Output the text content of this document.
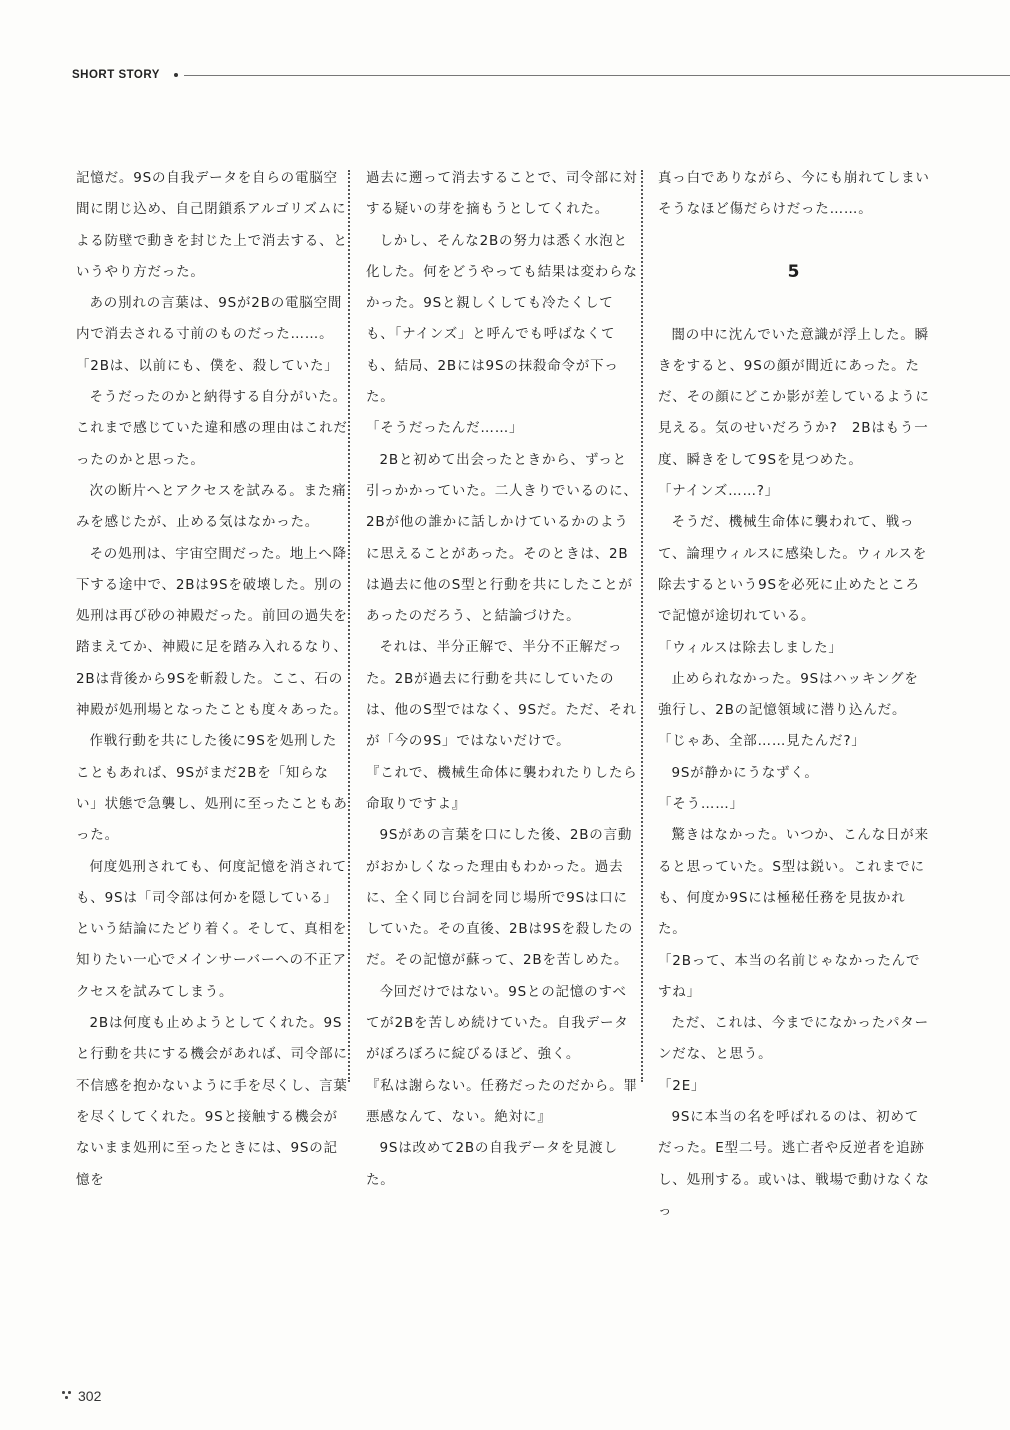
SHORT STORY

記憶だ。9Sの自我データを自らの電脳空間に閉じ込め、自己閉鎖系アルゴリズムによる防壁で動きを封じた上で消去する、というやり方だった。

あの別れの言葉は、9Sが2Bの電脳空間内で消去される寸前のものだった……。

「2Bは、以前にも、僕を、殺していた」

そうだったのかと納得する自分がいた。これまで感じていた違和感の理由はこれだったのかと思った。

次の断片へとアクセスを試みる。また痛みを感じたが、止める気はなかった。

その処刑は、宇宙空間だった。地上へ降下する途中で、2Bは9Sを破壊した。別の処刑は再び砂の神殿だった。前回の過失を踏まえてか、神殿に足を踏み入れるなり、2Bは背後から9Sを斬殺した。ここ、石の神殿が処刑場となったことも度々あった。

作戦行動を共にした後に9Sを処刑したこともあれば、9Sがまだ2Bを「知らない」状態で急襲し、処刑に至ったこともあった。

何度処刑されても、何度記憶を消されても、9Sは「司令部は何かを隠している」という結論にたどり着く。そして、真相を知りたい一心でメインサーバーへの不正アクセスを試みてしまう。

2Bは何度も止めようとしてくれた。9Sと行動を共にする機会があれば、司令部に不信感を抱かないように手を尽くし、言葉を尽くしてくれた。9Sと接触する機会がないまま処刑に至ったときには、9Sの記憶を

過去に遡って消去することで、司令部に対する疑いの芽を摘もうとしてくれた。

しかし、そんな2Bの努力は悉く水泡と化した。何をどうやっても結果は変わらなかった。9Sと親しくしても冷たくしても、「ナインズ」と呼んでも呼ばなくても、結局、2Bには9Sの抹殺命令が下った。

「そうだったんだ……」

2Bと初めて出会ったときから、ずっと引っかかっていた。二人きりでいるのに、2Bが他の誰かに話しかけているかのように思えることがあった。そのときは、2Bは過去に他のS型と行動を共にしたことがあったのだろう、と結論づけた。

それは、半分正解で、半分不正解だった。2Bが過去に行動を共にしていたのは、他のS型ではなく、9Sだ。ただ、それが「今の9S」ではないだけで。

『これで、機械生命体に襲われたりしたら命取りですよ』

9Sがあの言葉を口にした後、2Bの言動がおかしくなった理由もわかった。過去に、全く同じ台詞を同じ場所で9Sは口にしていた。その直後、2Bは9Sを殺したのだ。その記憶が蘇って、2Bを苦しめた。

今回だけではない。9Sとの記憶のすべてが2Bを苦しめ続けていた。自我データがぼろぼろに綻びるほど、強く。

『私は謝らない。任務だったのだから。罪悪感なんて、ない。絶対に』

9Sは改めて2Bの自我データを見渡した。

真っ白でありながら、今にも崩れてしまいそうなほど傷だらけだった……。

5

闇の中に沈んでいた意識が浮上した。瞬きをすると、9Sの顔が間近にあった。ただ、その顔にどこか影が差しているように見える。気のせいだろうか?　2Bはもう一度、瞬きをして9Sを見つめた。

「ナインズ……?」

そうだ、機械生命体に襲われて、戦って、論理ウィルスに感染した。ウィルスを除去するという9Sを必死に止めたところで記憶が途切れている。

「ウィルスは除去しました」

止められなかった。9Sはハッキングを強行し、2Bの記憶領域に潜り込んだ。

「じゃあ、全部……見たんだ?」

9Sが静かにうなずく。

「そう……」

驚きはなかった。いつか、こんな日が来ると思っていた。S型は鋭い。これまでにも、何度か9Sには極秘任務を見抜かれた。

「2Bって、本当の名前じゃなかったんですね」

ただ、これは、今までになかったパターンだな、と思う。

「2E」

9Sに本当の名を呼ばれるのは、初めてだった。E型二号。逃亡者や反逆者を追跡し、処刑する。或いは、戦場で動けなくなっ

302
